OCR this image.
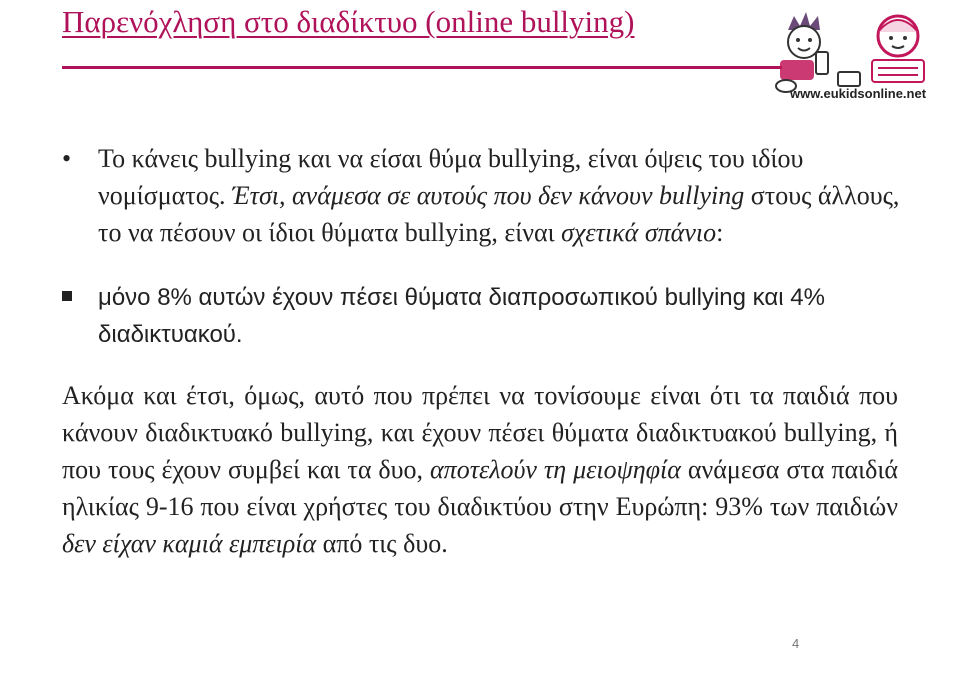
Παρενόχληση στο διαδίκτυο (online bullying)
www.eukidsonline.net
• Το κάνεις bullying και να είσαι θύμα bullying, είναι όψεις του ιδίου νομίσματος. Έτσι, ανάμεσα σε αυτούς που δεν κάνουν bullying στους άλλους, το να πέσουν οι ίδιοι θύματα bullying, είναι σχετικά σπάνιο:
μόνο 8% αυτών έχουν πέσει θύματα διαπροσωπικού bullying και 4% διαδικτυακού.
Ακόμα και έτσι, όμως, αυτό που πρέπει να τονίσουμε είναι ότι τα παιδιά που κάνουν διαδικτυακό bullying, και έχουν πέσει θύματα διαδικτυακού bullying, ή που τους έχουν συμβεί και τα δυο, αποτελούν τη μειοψηφία ανάμεσα στα παιδιά ηλικίας 9-16 που είναι χρήστες του διαδικτύου στην Ευρώπη: 93% των παιδιών δεν είχαν καμιά εμπειρία από τις δυο.
4
